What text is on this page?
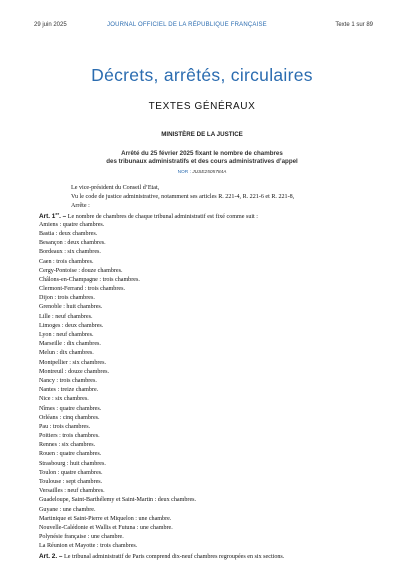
29 juin 2025	JOURNAL OFFICIEL DE LA RÉPUBLIQUE FRANÇAISE	Texte 1 sur 89
Décrets, arrêtés, circulaires
TEXTES GÉNÉRAUX
MINISTÈRE DE LA JUSTICE
Arrêté du 25 février 2025 fixant le nombre de chambres
des tribunaux administratifs et des cours administratives d’appel
NOR : JUSE2505784A
Le vice-président du Conseil d’Etat,
Vu le code de justice administrative, notamment ses articles R. 221-4, R. 221-6 et R. 221-8,
Arrête :
Art. 1er. – Le nombre de chambres de chaque tribunal administratif est fixé comme suit :
Amiens : quatre chambres.
Bastia : deux chambres.
Besançon : deux chambres.
Bordeaux : six chambres.
Caen : trois chambres.
Cergy-Pontoise : douze chambres.
Châlons-en-Champagne : trois chambres.
Clermont-Ferrand : trois chambres.
Dijon : trois chambres.
Grenoble : huit chambres.
Lille : neuf chambres.
Limoges : deux chambres.
Lyon : neuf chambres.
Marseille : dix chambres.
Melun : dix chambres.
Montpellier : six chambres.
Montreuil : douze chambres.
Nancy : trois chambres.
Nantes : treize chambre.
Nice : six chambres.
Nîmes : quatre chambres.
Orléans : cinq chambres.
Pau : trois chambres.
Poitiers : trois chambres.
Rennes : six chambres.
Rouen : quatre chambres.
Strasbourg : huit chambres.
Toulon : quatre chambres.
Toulouse : sept chambres.
Versailles : neuf chambres.
Guadeloupe, Saint-Barthélemy et Saint-Martin : deux chambres.
Guyane : une chambre.
Martinique et Saint-Pierre et Miquelon : une chambre.
Nouvelle-Calédonie et Wallis et Futuna : une chambre.
Polynésie française : une chambre.
La Réunion et Mayotte : trois chambres.
Art. 2. – Le tribunal administratif de Paris comprend dix-neuf chambres regroupées en six sections.
